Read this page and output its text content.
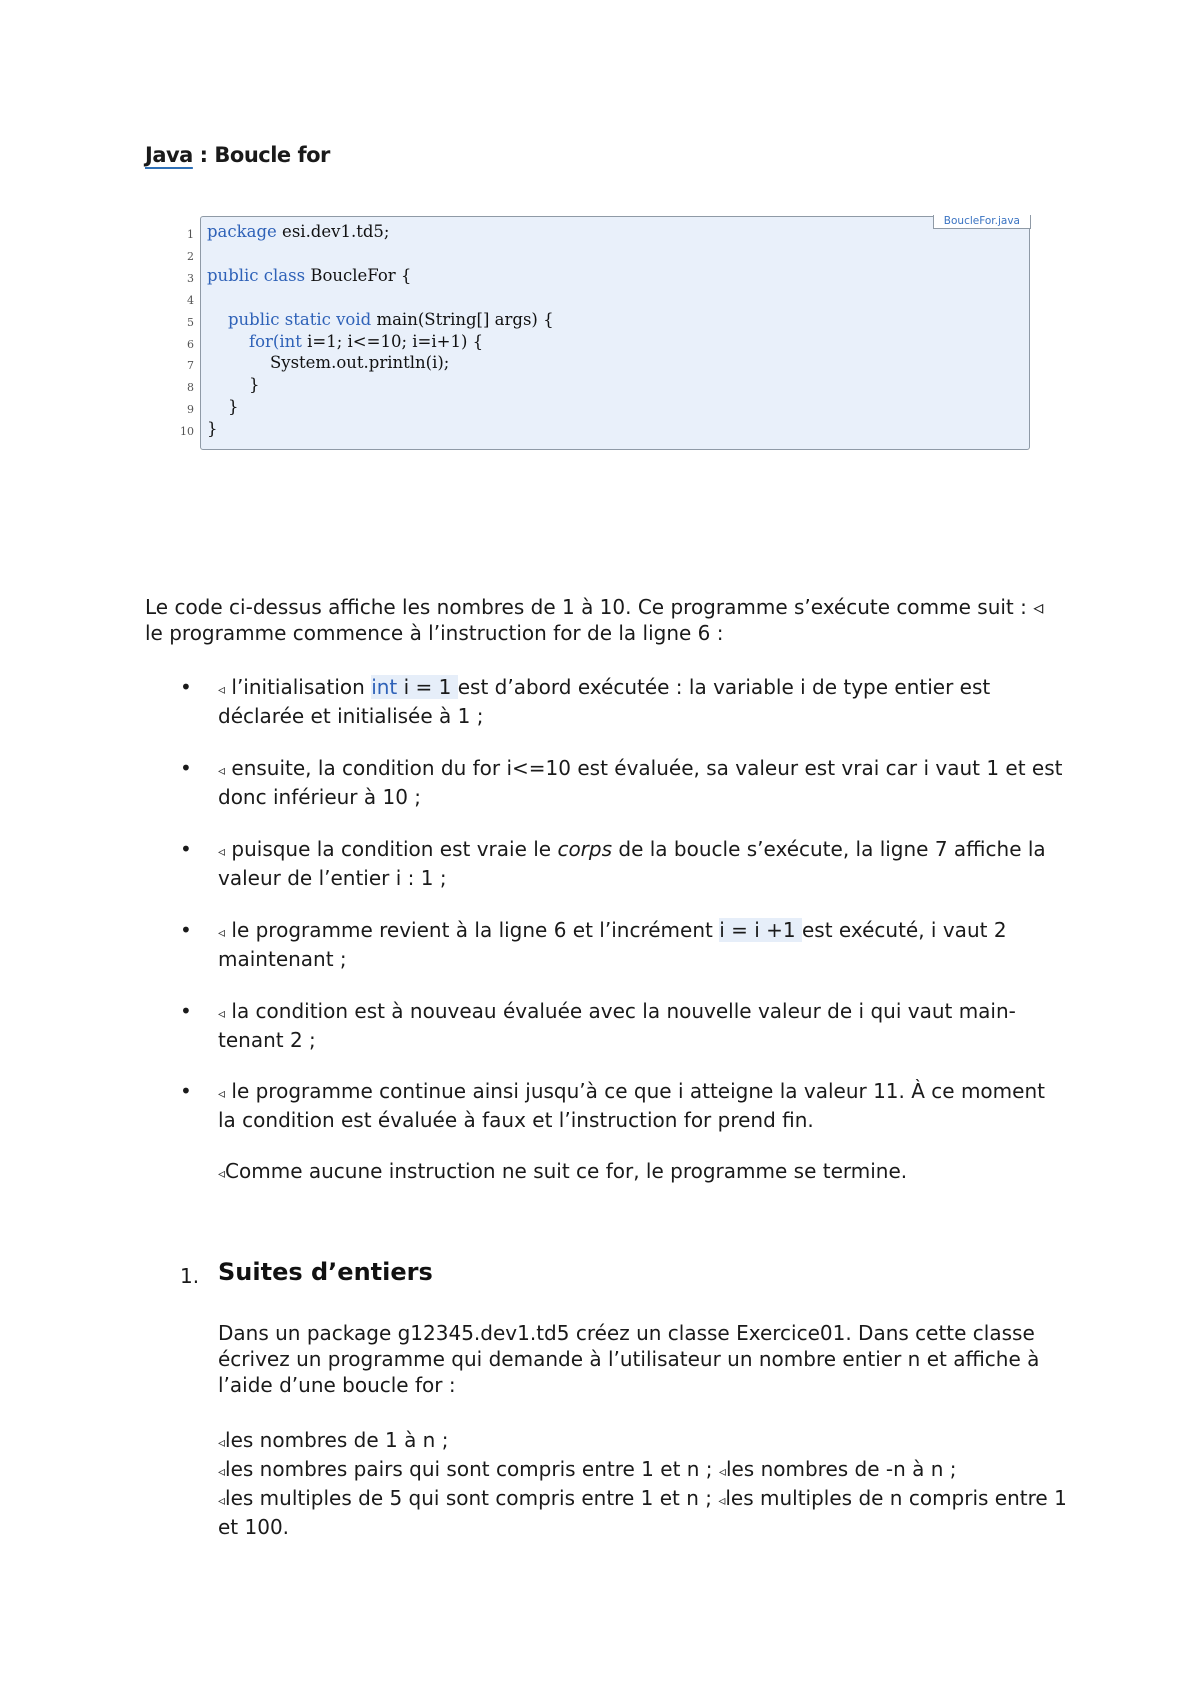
Java : Boucle for
1
2
3
4
5
6
7
8
9
10
BoucleFor.java
package esi.dev1.td5;

public class BoucleFor {

public static void main(String[] args) {
for(int i=1; i<=10; i=i+1) {
System.out.println(i);
}
}
}

Le code ci-dessus affiche les nombres de 1 à 10. Ce programme s’exécute comme suit : ◃ le programme commence à l’instruction for de la ligne 6 :

• ◃ l’initialisation int i = 1 est d’abord exécutée : la variable i de type entier est déclarée et initialisée à 1 ;

• ◃ ensuite, la condition du for i<=10 est évaluée, sa valeur est vrai car i vaut 1 et est donc inférieur à 10 ;

• ◃ puisque la condition est vraie le corps de la boucle s’exécute, la ligne 7 affiche la valeur de l’entier i : 1 ;

• ◃ le programme revient à la ligne 6 et l’incrément i = i +1 est exécuté, i vaut 2 maintenant ;

• ◃ la condition est à nouveau évaluée avec la nouvelle valeur de i qui vaut main- tenant 2 ;

• ◃ le programme continue ainsi jusqu’à ce que i atteigne la valeur 11. À ce moment la condition est évaluée à faux et l’instruction for prend fin.

◃Comme aucune instruction ne suit ce for, le programme se termine.

1. Suites d’entiers

Dans un package g12345.dev1.td5 créez un classe Exercice01. Dans cette classe écrivez un programme qui demande à l’utilisateur un nombre entier n et affiche à l’aide d’une boucle for :

◃les nombres de 1 à n ;
◃les nombres pairs qui sont compris entre 1 et n ; ◃les nombres de -n à n ;
◃les multiples de 5 qui sont compris entre 1 et n ; ◃les multiples de n compris entre 1 et 100.
